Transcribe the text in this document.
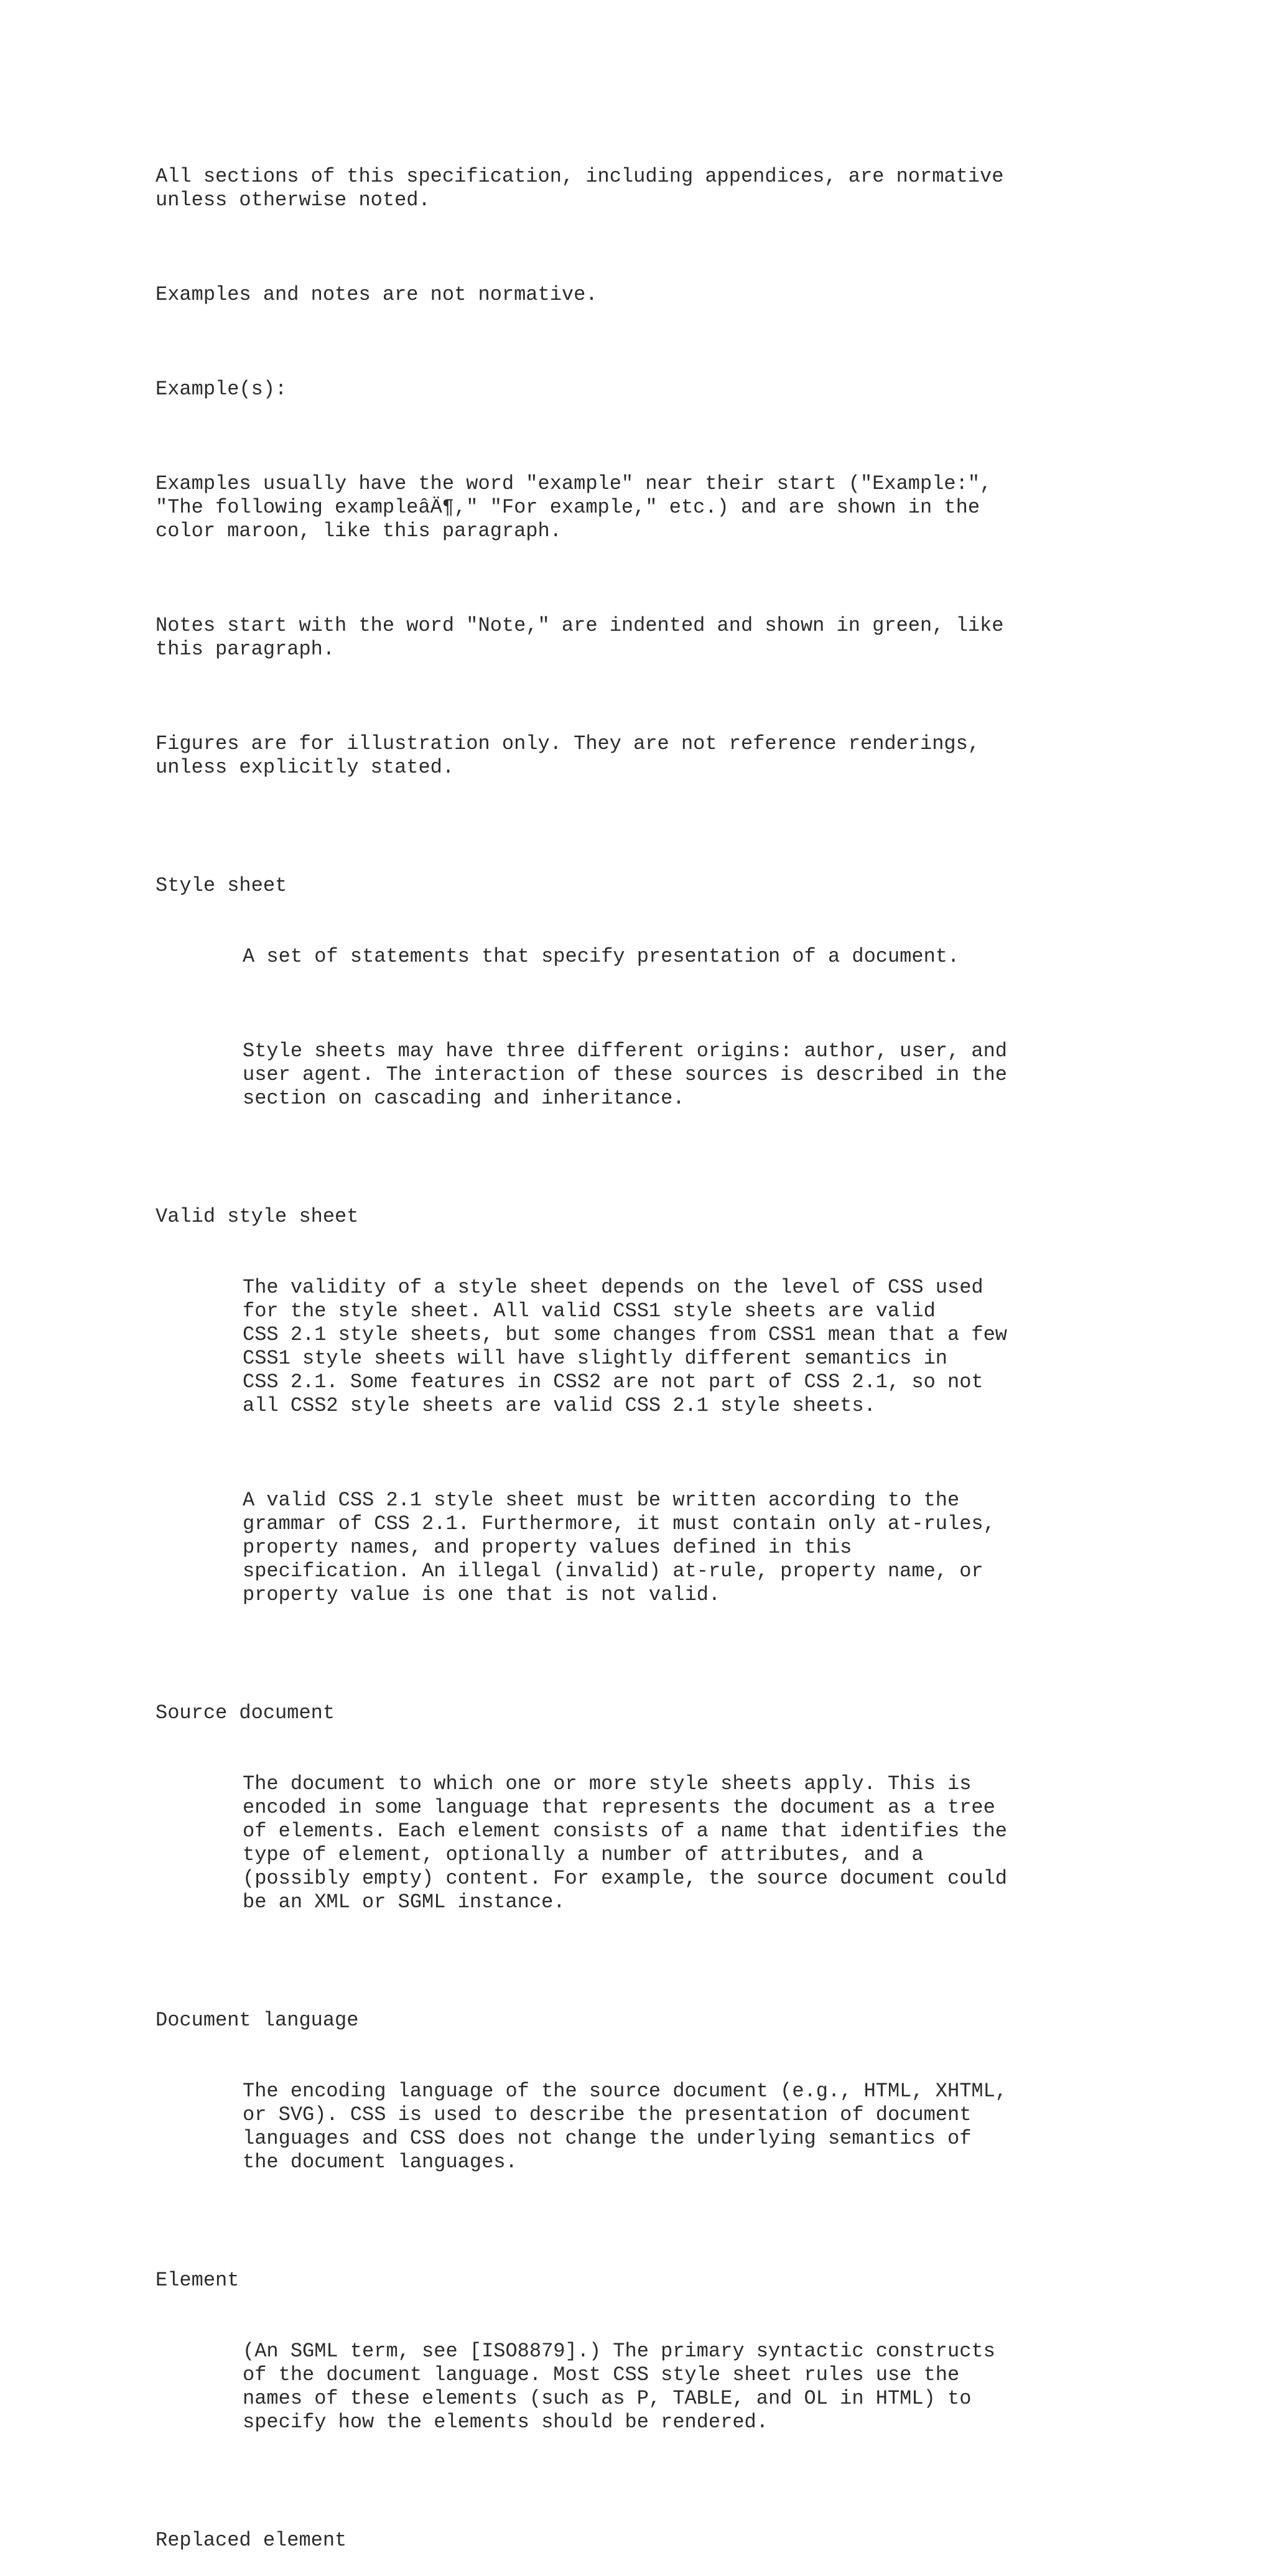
All sections of this specification, including appendices, are normative
unless otherwise noted.

Examples and notes are not normative.

Example(s):

Examples usually have the word "example" near their start ("Example:",
"The following exampleâÄ¶," "For example," etc.) and are shown in the
color maroon, like this paragraph.

Notes start with the word "Note," are indented and shown in green, like
this paragraph.

Figures are for illustration only. They are not reference renderings,
unless explicitly stated.

Style sheet

A set of statements that specify presentation of a document.

Style sheets may have three different origins: author, user, and
user agent. The interaction of these sources is described in the
section on cascading and inheritance.

Valid style sheet

The validity of a style sheet depends on the level of CSS used
for the style sheet. All valid CSS1 style sheets are valid
CSS 2.1 style sheets, but some changes from CSS1 mean that a few
CSS1 style sheets will have slightly different semantics in
CSS 2.1. Some features in CSS2 are not part of CSS 2.1, so not
all CSS2 style sheets are valid CSS 2.1 style sheets.

A valid CSS 2.1 style sheet must be written according to the
grammar of CSS 2.1. Furthermore, it must contain only at-rules,
property names, and property values defined in this
specification. An illegal (invalid) at-rule, property name, or
property value is one that is not valid.

Source document

The document to which one or more style sheets apply. This is
encoded in some language that represents the document as a tree
of elements. Each element consists of a name that identifies the
type of element, optionally a number of attributes, and a
(possibly empty) content. For example, the source document could
be an XML or SGML instance.

Document language

The encoding language of the source document (e.g., HTML, XHTML,
or SVG). CSS is used to describe the presentation of document
languages and CSS does not change the underlying semantics of
the document languages.

Element

(An SGML term, see [ISO8879].) The primary syntactic constructs
of the document language. Most CSS style sheet rules use the
names of these elements (such as P, TABLE, and OL in HTML) to
specify how the elements should be rendered.

Replaced element
